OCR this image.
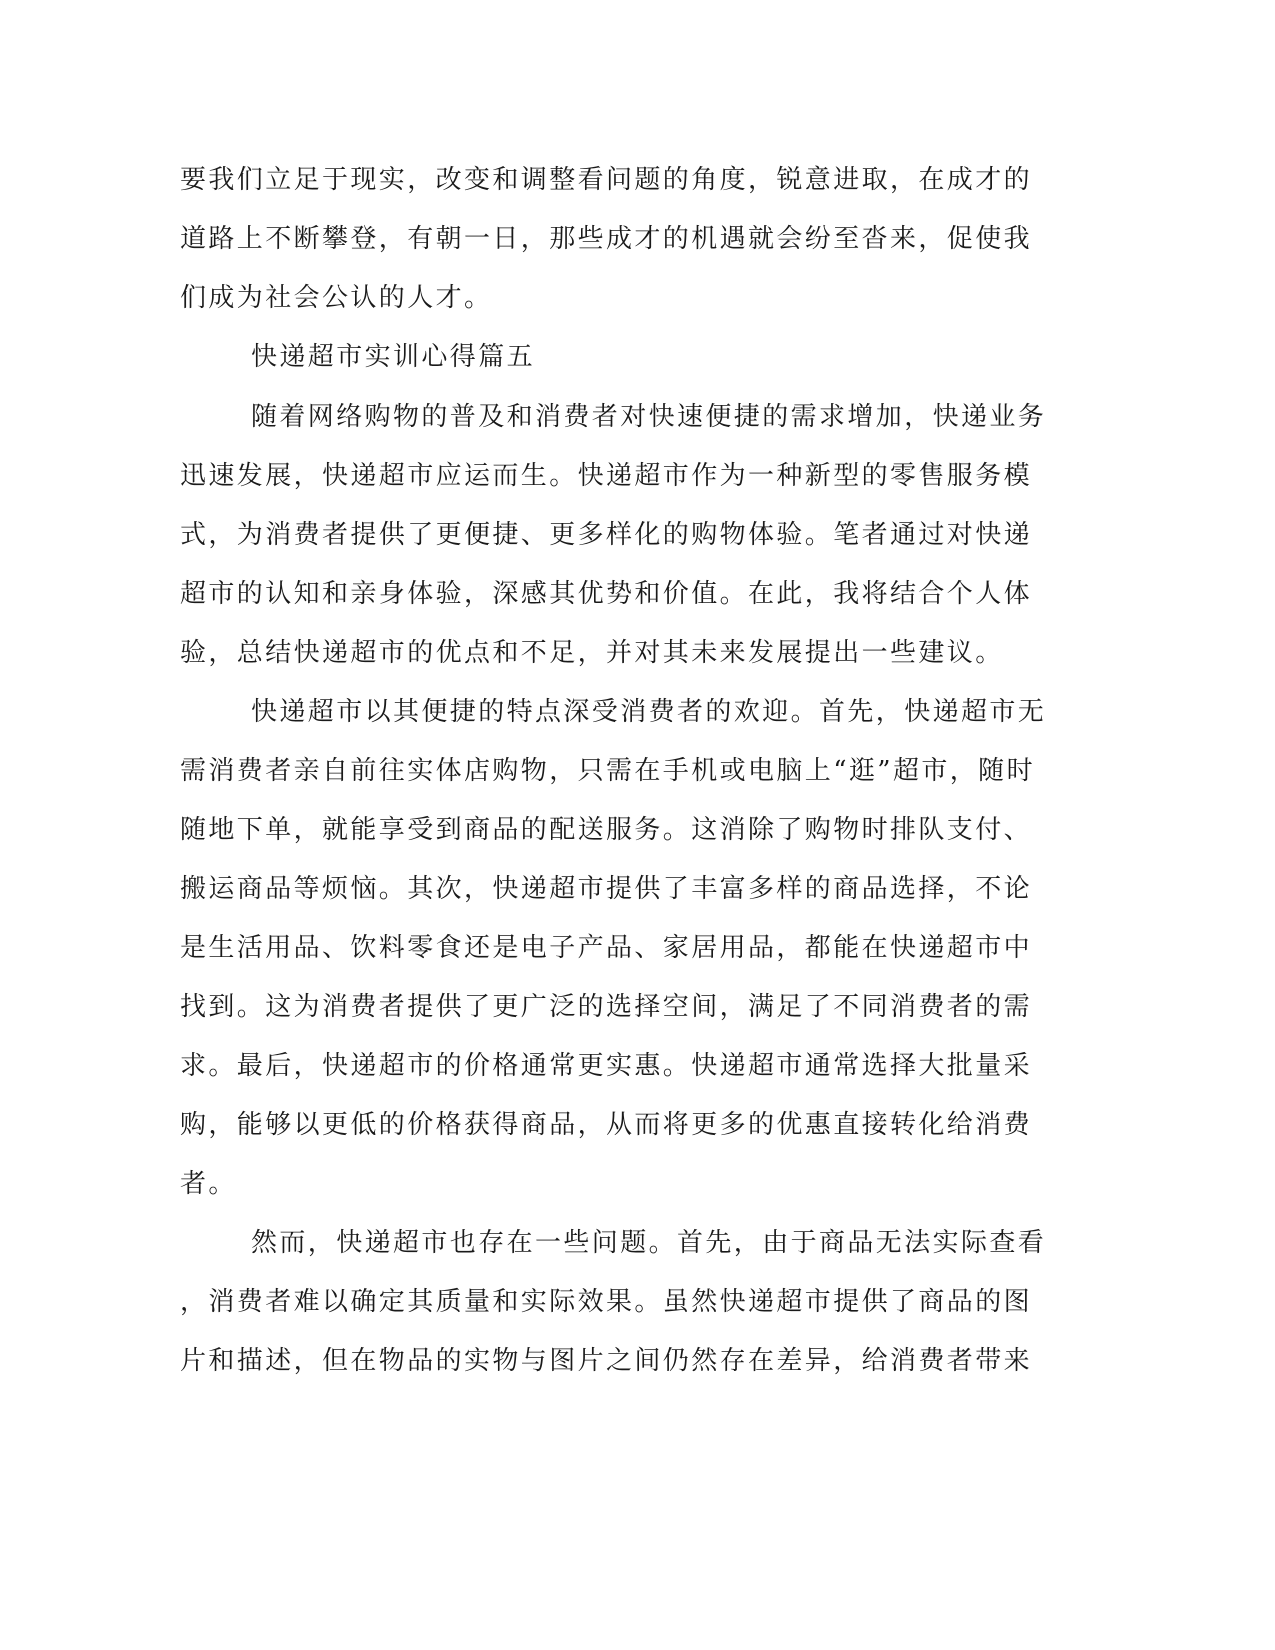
要我们立足于现实，改变和调整看问题的角度，锐意进取，在成才的

道路上不断攀登，有朝一日，那些成才的机遇就会纷至沓来，促使我

们成为社会公认的人才。

快递超市实训心得篇五

随着网络购物的普及和消费者对快速便捷的需求增加，快递业务

迅速发展，快递超市应运而生。快递超市作为一种新型的零售服务模

式，为消费者提供了更便捷、更多样化的购物体验。笔者通过对快递

超市的认知和亲身体验，深感其优势和价值。在此，我将结合个人体

验，总结快递超市的优点和不足，并对其未来发展提出一些建议。

快递超市以其便捷的特点深受消费者的欢迎。首先，快递超市无

需消费者亲自前往实体店购物，只需在手机或电脑上“逛”超市，随时

随地下单，就能享受到商品的配送服务。这消除了购物时排队支付、

搬运商品等烦恼。其次，快递超市提供了丰富多样的商品选择，不论

是生活用品、饮料零食还是电子产品、家居用品，都能在快递超市中

找到。这为消费者提供了更广泛的选择空间，满足了不同消费者的需

求。最后，快递超市的价格通常更实惠。快递超市通常选择大批量采

购，能够以更低的价格获得商品，从而将更多的优惠直接转化给消费

者。

然而，快递超市也存在一些问题。首先，由于商品无法实际查看

，消费者难以确定其质量和实际效果。虽然快递超市提供了商品的图

片和描述，但在物品的实物与图片之间仍然存在差异，给消费者带来
